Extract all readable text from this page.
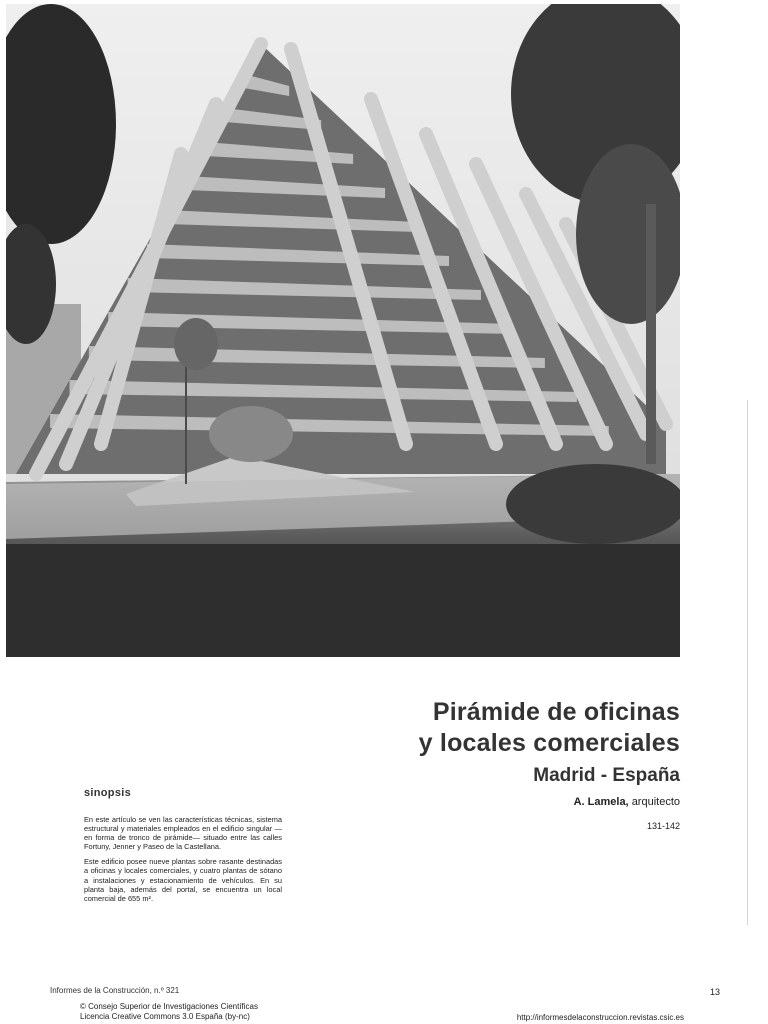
Pirámide de oficinas
y locales comerciales
Madrid - España
A. Lamela, arquitecto
131-142
sinopsis

En este artículo se ven las características técnicas, sistema estructural y materiales empleados en el edificio singular —en forma de tronco de pirámide— situado entre las calles Fortuny, Jenner y Paseo de la Castellana.

Este edificio posee nueve plantas sobre rasante destinadas a oficinas y locales comerciales, y cuatro plantas de sótano a instalaciones y estacionamiento de vehículos. En su planta baja, además del portal, se encuentra un local comercial de 655 m².

Informes de la Construcción, n.º 321
© Consejo Superior de Investigaciones Científicas
Licencia Creative Commons 3.0 España (by-nc)	http://informesdelaconstruccion.revistas.csic.es
13
